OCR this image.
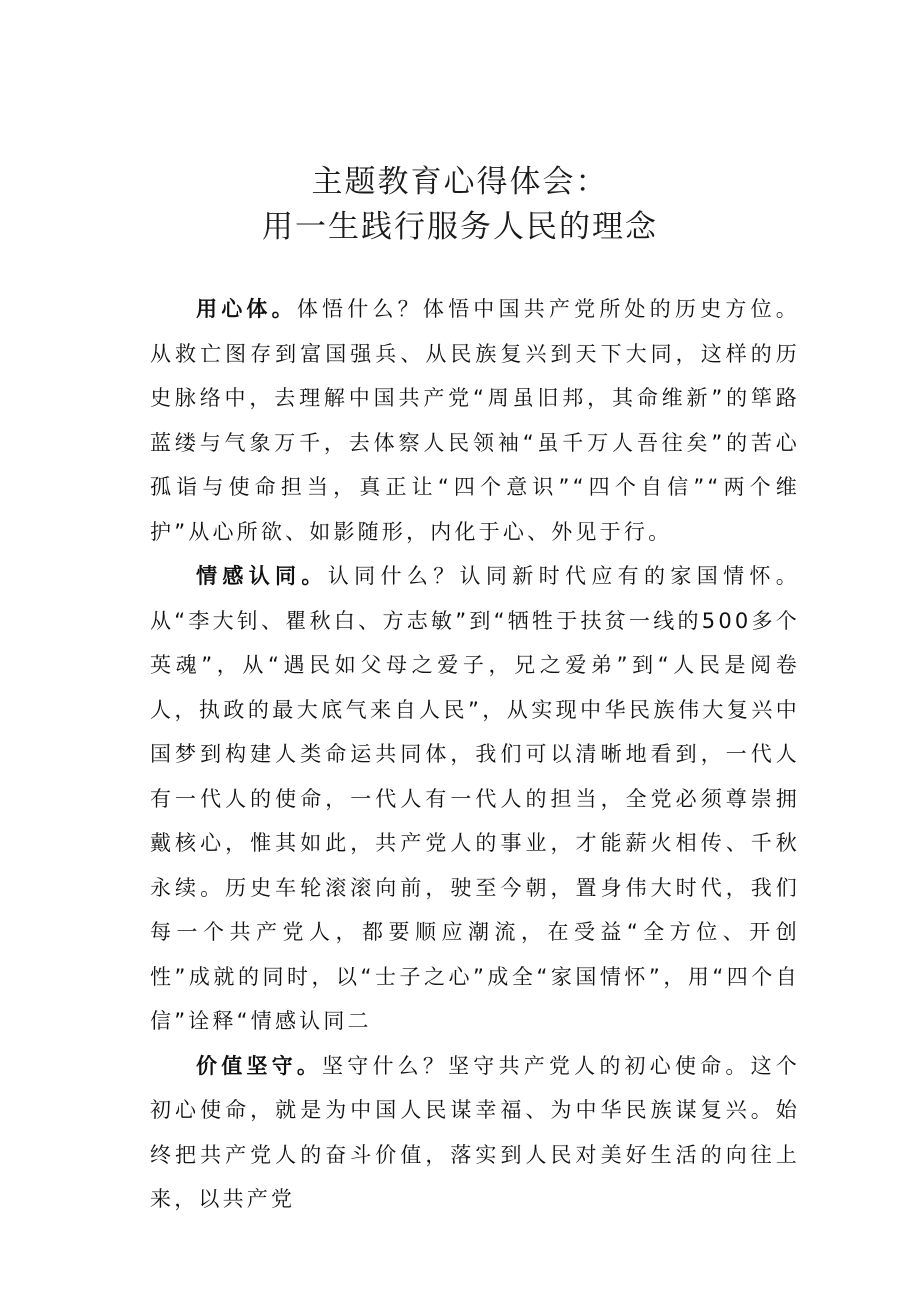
主题教育心得体会：
用一生践行服务人民的理念

用心体。体悟什么？体悟中国共产党所处的历史方位。从救亡图存到富国强兵、从民族复兴到天下大同，这样的历史脉络中，去理解中国共产党“周虽旧邦，其命维新”的筚路蓝缕与气象万千，去体察人民领袖“虽千万人吾往矣”的苦心孤诣与使命担当，真正让“四个意识”“四个自信”“两个维护”从心所欲、如影随形，内化于心、外见于行。

情感认同。认同什么？认同新时代应有的家国情怀。从“李大钊、瞿秋白、方志敏”到“牺牲于扶贫一线的500多个英魂”，从“遇民如父母之爱子，兄之爱弟”到“人民是阅卷人，执政的最大底气来自人民”，从实现中华民族伟大复兴中国梦到构建人类命运共同体，我们可以清晰地看到，一代人有一代人的使命，一代人有一代人的担当，全党必须尊崇拥戴核心，惟其如此，共产党人的事业，才能薪火相传、千秋永续。历史车轮滚滚向前，驶至今朝，置身伟大时代，我们每一个共产党人，都要顺应潮流，在受益“全方位、开创性”成就的同时，以“士子之心”成全“家国情怀”，用“四个自信”诠释“情感认同二

价值坚守。坚守什么？坚守共产党人的初心使命。这个初心使命，就是为中国人民谋幸福、为中华民族谋复兴。始终把共产党人的奋斗价值，落实到人民对美好生活的向往上来，以共产党
